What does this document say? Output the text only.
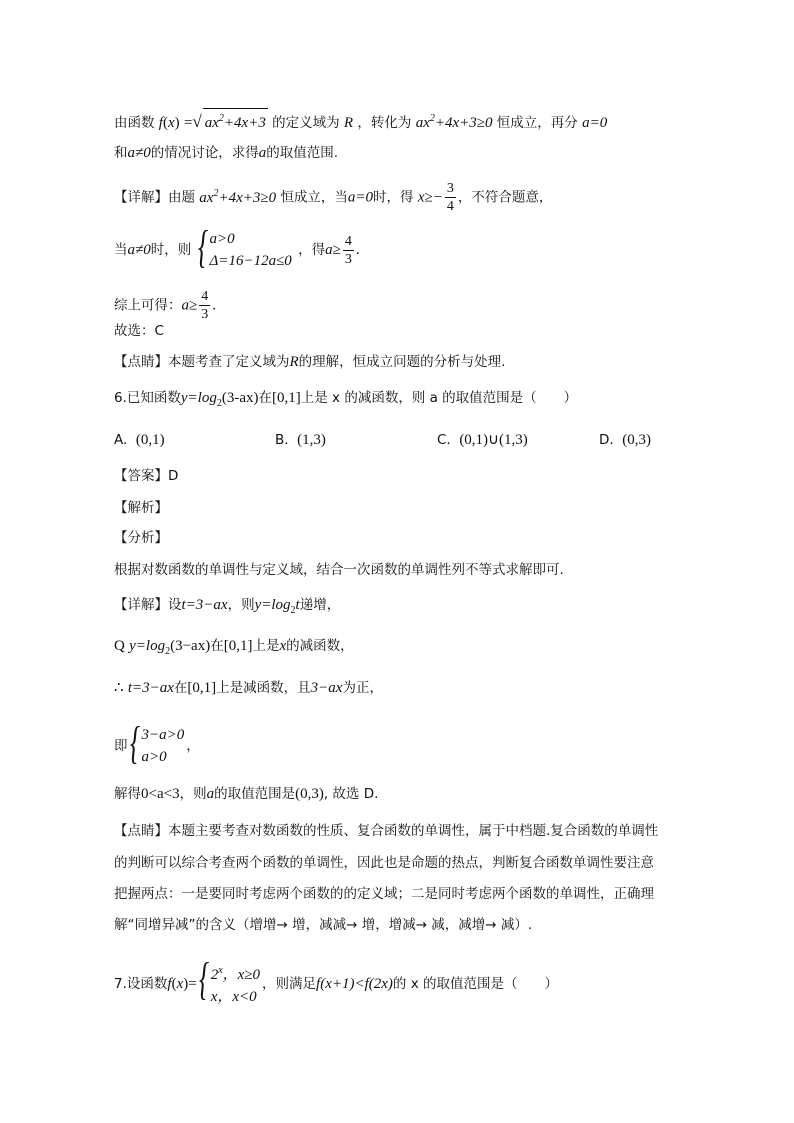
由函数 f(x) =√ $ax^2+4x+3$ 的定义域为 R ，转化为 $ax^2+4x+3\ge 0$ 恒成立，再分 a=0
和a≠0的情况讨论，求得a的取值范围.
【详解】由题 $ax^2+4x+3\ge 0$ 恒成立，当a=0时，得 $x\ge- \frac{3}{4}$ ，不符合题意，
当a≠0时，则 { a>0
Δ=16−12a≤0
，得$a\ge \frac{4}{3}$ .
综上可得：$a\ge \frac{4}{3}$ .
故选：C
【点睛】本题考查了定义域为R的理解，恒成立问题的分析与处理.
6.已知函数$y=\log_2(3-ax)$在[0,1]上是 x 的减函数，则 a 的取值范围是（　　）
A. (0,1)	B. (1,3)	C. (0,1)∪(1,3)	D. (0,3)
【答案】D
【解析】
【分析】
根据对数函数的单调性与定义域，结合一次函数的单调性列不等式求解即可.
【详解】设t=3−ax，则$y=\log_2t$递增，
Q $y=\log_2(3-ax)$在[0,1]上是x的减函数，
∴ t=3−ax在[0,1]上是减函数，且3−ax为正，
即 { 3−a>0
a>0
，
解得0<a<3，则a的取值范围是(0,3), 故选 D.
【点睛】本题主要考查对数函数的性质、复合函数的单调性，属于中档题.复合函数的单调性
的判断可以综合考查两个函数的单调性，因此也是命题的热点，判断复合函数单调性要注意
把握两点：一是要同时考虑两个函数的的定义域；二是同时考虑两个函数的单调性，正确理
解“同增异减”的含义（增增→ 增，减减→ 增，增减→ 减，减增→ 减）.
7.设函数f(x)= { 2$^x$，x≥0
x，x<0
，则满足f(x+1)<f(2x)的 x 的取值范围是（　　）
